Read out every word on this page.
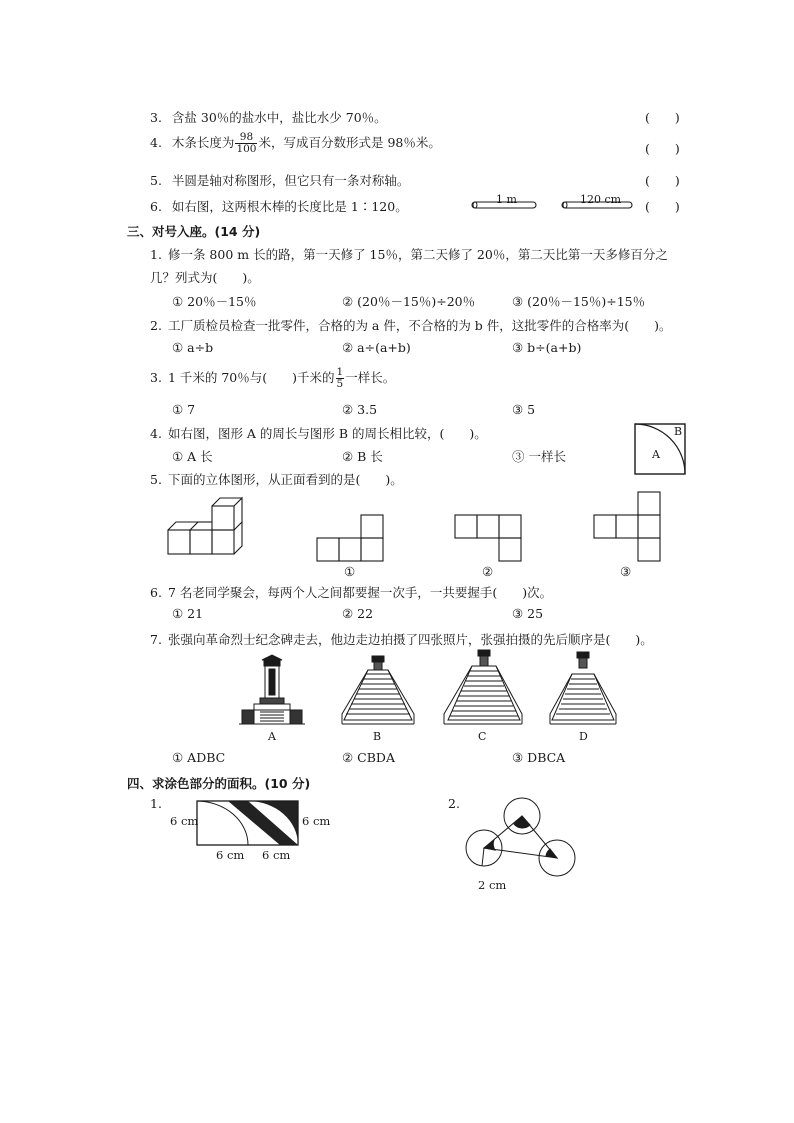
3. 含盐 30％的盐水中，盐比水少 70％。	(　　)
4. 木条长度为 $\frac{98}{100}$ 米，写成百分数形式是 98％米。	(　　)
5. 半圆是轴对称图形，但它只有一条对称轴。	(　　)
6. 如右图，这两根木棒的长度比是 1∶120。	1 m	120 cm (　　)
三、对号入座。(14 分)
1. 修一条 800 m 长的路，第一天修了 15％，第二天修了 20％，第二天比第一天多修百分之
几？列式为(　　)。
① 20％－15％	② (20％－15％)÷20％	③ (20％－15％)÷15％
2. 工厂质检员检查一批零件，合格的为 a 件，不合格的为 b 件，这批零件的合格率为(　　)。
① a÷b	② a÷(a+b)	③ b÷(a+b)
3. 1 千米的 70％与(　　)千米的 $\frac{1}{5}$ 一样长。
① 7	② 3.5	③ 5
4. 如右图，图形 A 的周长与图形 B 的周长相比较，(　　)。
① A 长	② B 长	③ 一样长	A
B
5. 下面的立体图形，从正面看到的是(　　)。
①	②	③
6. 7 名老同学聚会，每两个人之间都要握一次手，一共要握手(　　)次。
① 21	② 22	③ 25
7. 张强向革命烈士纪念碑走去，他边走边拍摄了四张照片，张强拍摄的先后顺序是(　　)。
A	B	C	D
① ADBC	② CBDA	③ DBCA
四、求涂色部分的面积。(10 分)
1.
6 cm	6 cm
6 cm 6 cm
2.
2 cm
